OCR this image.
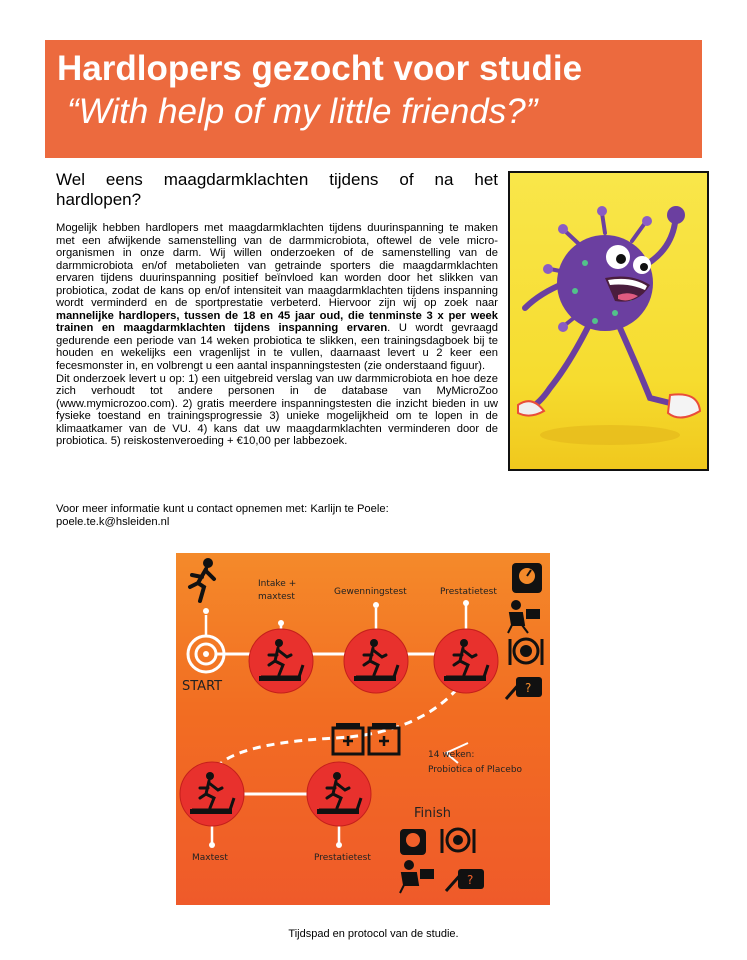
Hardlopers gezocht voor studie
“With help of my little friends?”

Wel eens maagdarmklachten tijdens of na het hardlopen?

Mogelijk hebben hardlopers met maagdarmklachten tijdens duurinspanning te maken met een afwijkende samenstelling van de darmmicrobiota, oftewel de vele micro-organismen in onze darm. Wij willen onderzoeken of de samenstelling van de darmmicrobiota en/of metabolieten van getrainde sporters die maagdarmklachten ervaren tijdens duurinspanning positief beïnvloed kan worden door het slikken van probiotica, zodat de kans op en/of intensiteit van maagdarmklachten tijdens inspanning wordt verminderd en de sportprestatie verbeterd. Hiervoor zijn wij op zoek naar mannelijke hardlopers, tussen de 18 en 45 jaar oud, die tenminste 3 x per week trainen en maagdarmklachten tijdens inspanning ervaren. U wordt gevraagd gedurende een periode van 14 weken probiotica te slikken, een trainingsdagboek bij te houden en wekelijks een vragenlijst in te vullen, daarnaast levert u 2 keer een fecesmonster in, en volbrengt u een aantal inspanningstesten (zie onderstaand figuur).

Dit onderzoek levert u op: 1) een uitgebreid verslag van uw darmmicrobiota en hoe deze zich verhoudt tot andere personen in de database van MyMicroZoo (www.mymicrozoo.com). 2) gratis meerdere inspanningstesten die inzicht bieden in uw fysieke toestand en trainingsprogressie 3) unieke mogelijkheid om te lopen in de klimaatkamer van de VU. 4) kans dat uw maagdarmklachten verminderen door de probiotica. 5) reiskostenveroeding + €10,00 per labbezoek.

Voor meer informatie kunt u contact opnemen met: Karlijn te Poele:
poele.te.k@hsleiden.nl
?
?
Intake +
maxtest	Gewenningstest	Prestatietest
START
14 weken:
Probiotica of Placebo
Finish
Maxtest	Prestatietest
Tijdspad en protocol van de studie.
